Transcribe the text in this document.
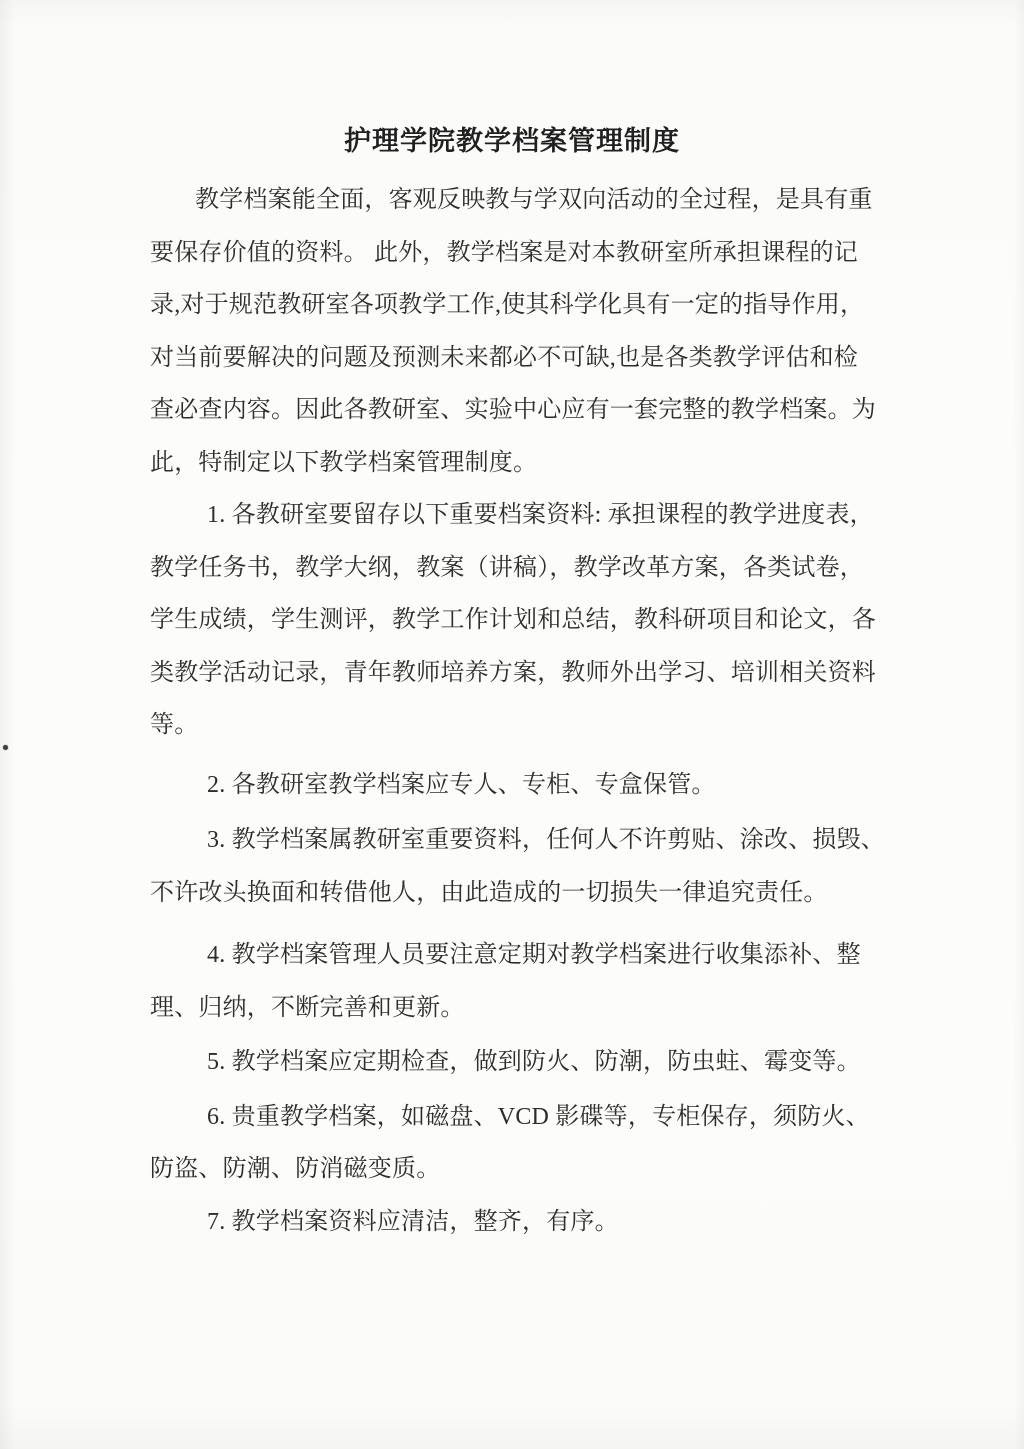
护理学院教学档案管理制度
教学档案能全面，客观反映教与学双向活动的全过程，是具有重
要保存价值的资料。 此外，教学档案是对本教研室所承担课程的记
录,对于规范教研室各项教学工作,使其科学化具有一定的指导作用，
对当前要解决的问题及预测未来都必不可缺,也是各类教学评估和检
查必查内容。因此各教研室、实验中心应有一套完整的教学档案。为
此，特制定以下教学档案管理制度。
1. 各教研室要留存以下重要档案资料: 承担课程的教学进度表，
教学任务书，教学大纲，教案（讲稿），教学改革方案，各类试卷，
学生成绩，学生测评，教学工作计划和总结，教科研项目和论文，各
类教学活动记录，青年教师培养方案，教师外出学习、培训相关资料
等。
2. 各教研室教学档案应专人、专柜、专盒保管。
3. 教学档案属教研室重要资料，任何人不许剪贴、涂改、损毁、
不许改头换面和转借他人，由此造成的一切损失一律追究责任。
4. 教学档案管理人员要注意定期对教学档案进行收集添补、整
理、归纳，不断完善和更新。
5. 教学档案应定期检查，做到防火、防潮，防虫蛀、霉变等。
6. 贵重教学档案，如磁盘、VCD 影碟等，专柜保存，须防火、
防盗、防潮、防消磁变质。
7. 教学档案资料应清洁，整齐，有序。
